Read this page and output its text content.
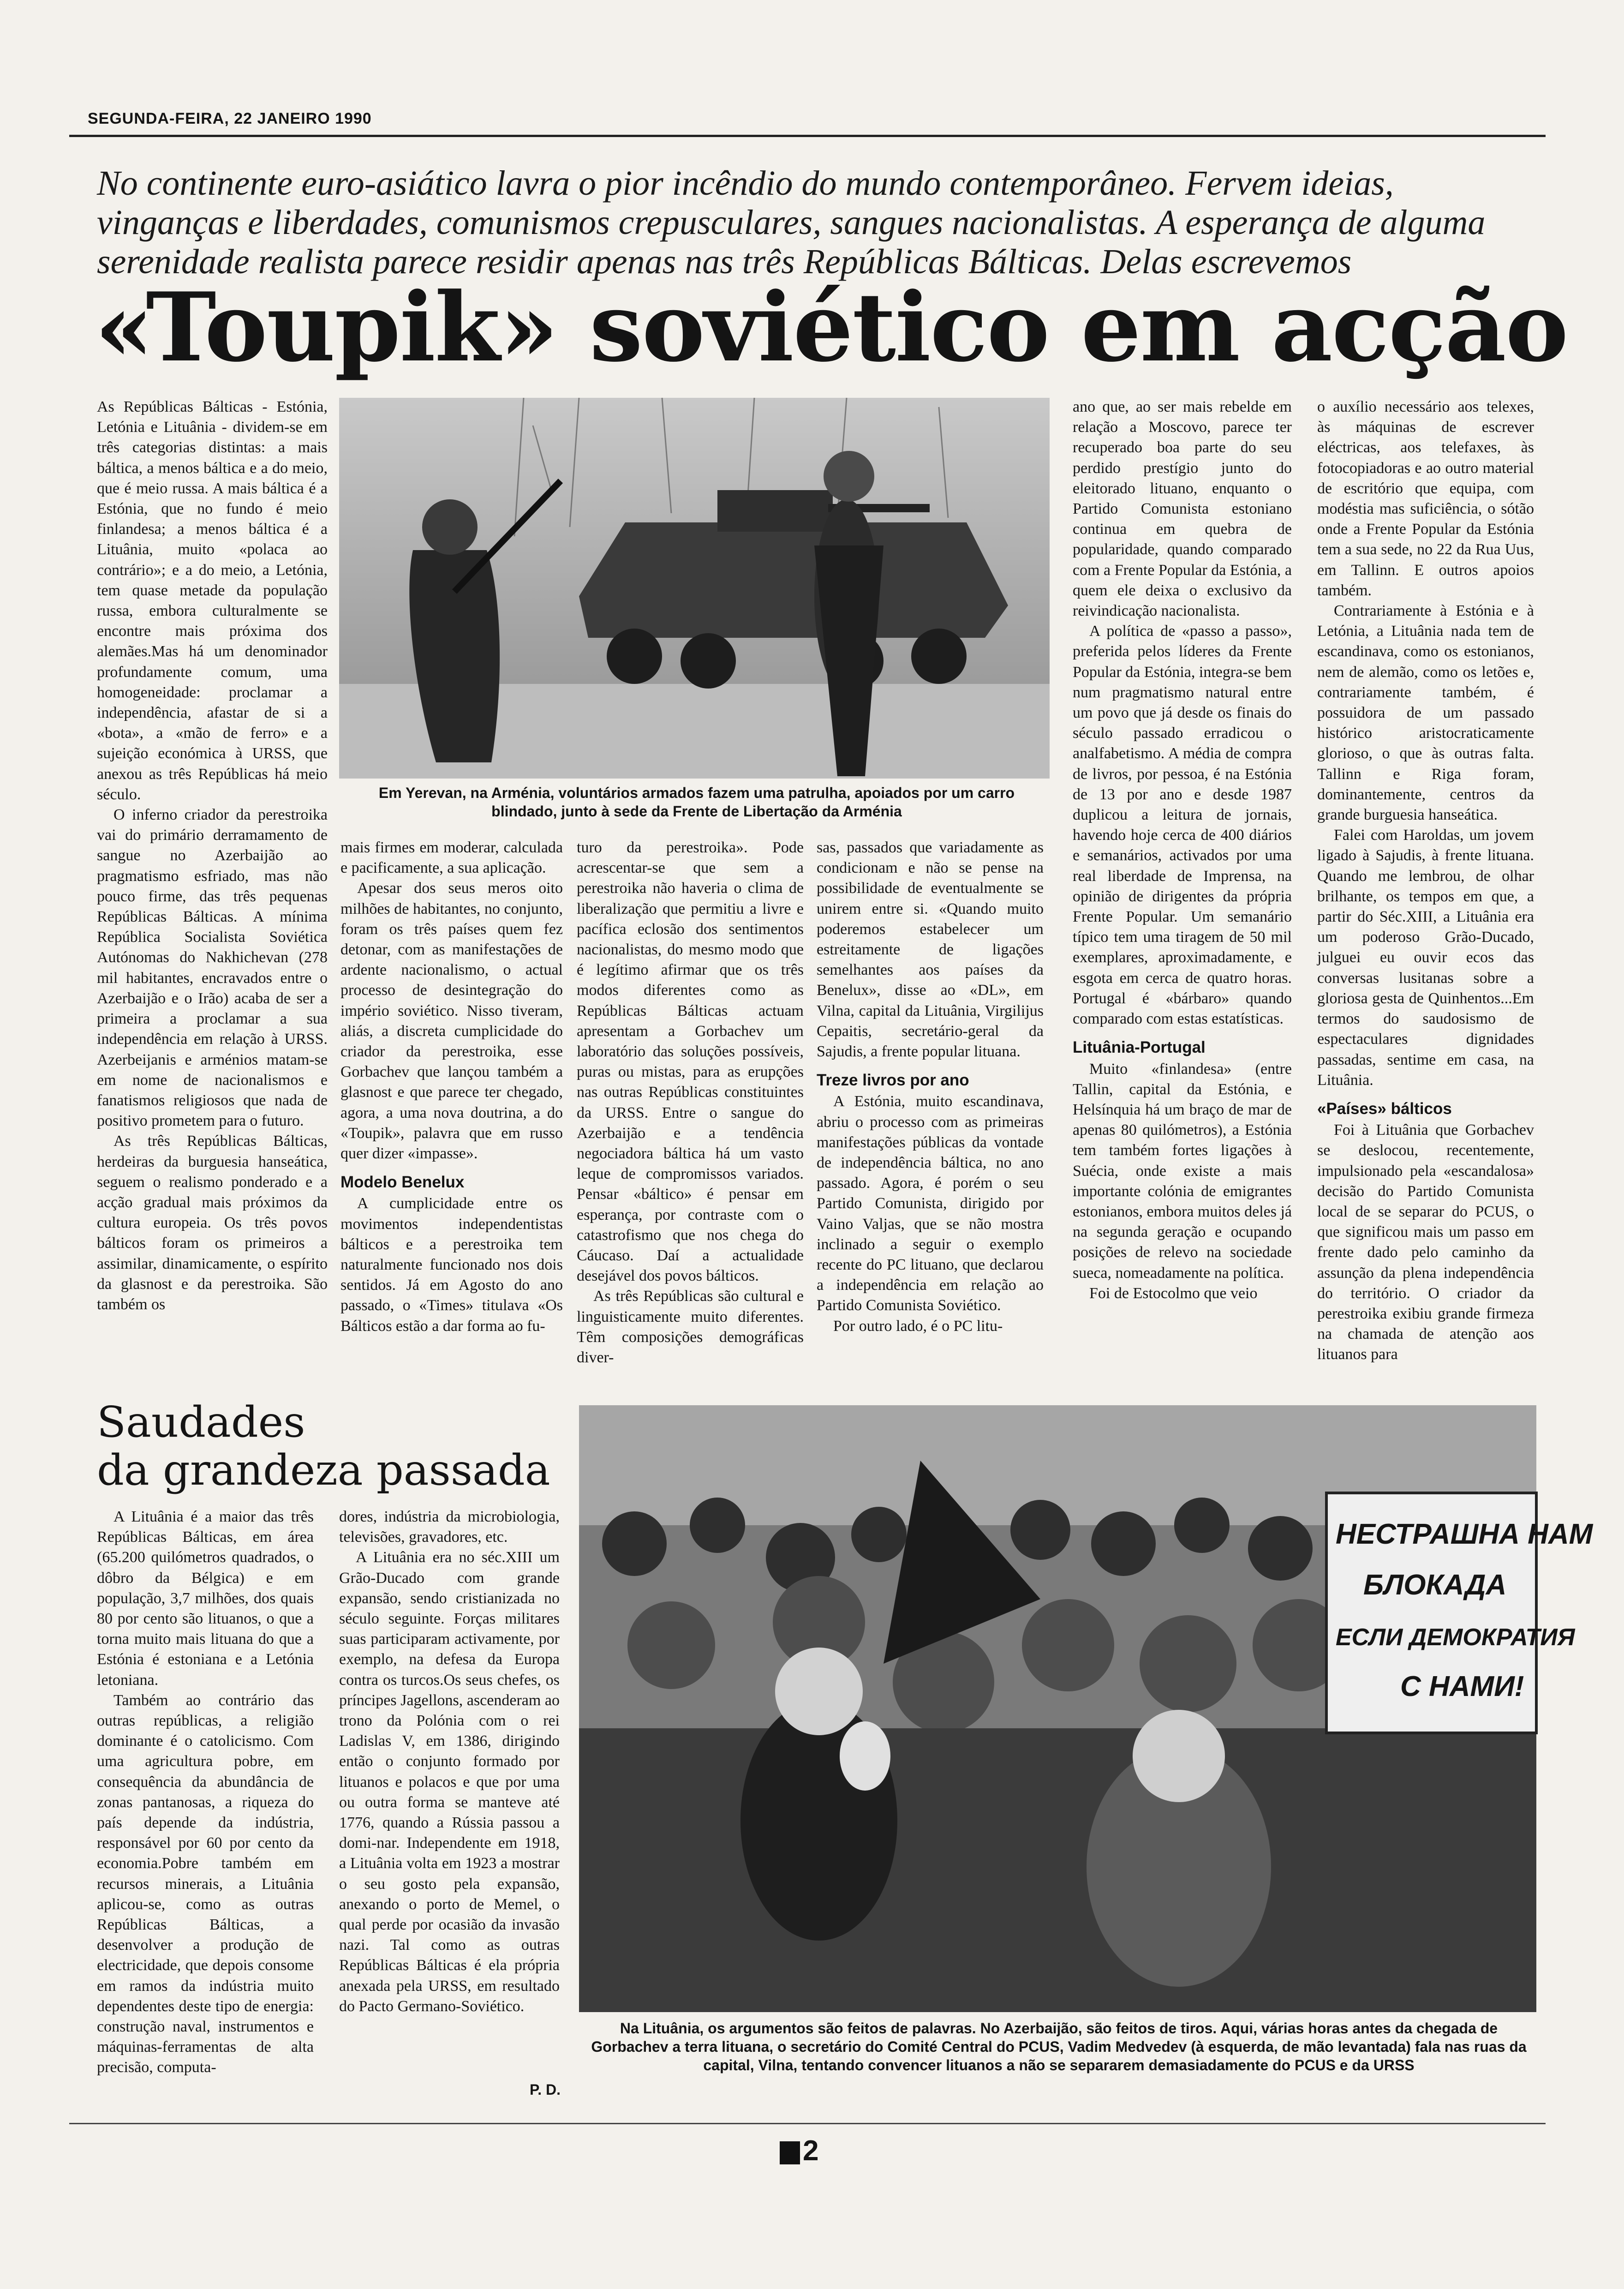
SEGUNDA-FEIRA, 22 JANEIRO 1990
No continente euro-asiático lavra o pior incêndio do mundo contemporâneo. Fervem ideias, vinganças e liberdades, comunismos crepusculares, sangues nacionalistas. A esperança de alguma serenidade realista parece residir apenas nas três Repúblicas Bálticas. Delas escrevemos
«Toupik» soviético em acção
Em Yerevan, na Arménia, voluntários armados fazem uma patrulha, apoiados por um carro blindado, junto à sede da Frente de Libertação da Arménia

As Repúblicas Bálticas - Estónia, Letónia e Lituânia - dividem-se em três categorias distintas: a mais báltica, a menos báltica e a do meio, que é meio russa. A mais báltica é a Estónia, que no fundo é meio finlandesa; a menos báltica é a Lituânia, muito «polaca ao contrário»; e a do meio, a Letónia, tem quase metade da população russa, embora culturalmente se encontre mais próxima dos alemães.Mas há um denominador profundamente comum, uma homogeneidade: proclamar a independência, afastar de si a «bota», a «mão de ferro» e a sujeição económica à URSS, que anexou as três Repúblicas há meio século.

O inferno criador da perestroika vai do primário derramamento de sangue no Azerbaijão ao pragmatismo esfriado, mas não pouco firme, das três pequenas Repúblicas Bálticas. A mínima República Socialista Soviética Autónomas do Nakhichevan (278 mil habitantes, encravados entre o Azerbaijão e o Irão) acaba de ser a primeira a proclamar a sua independência em relação à URSS. Azerbeijanis e arménios matam-se em nome de nacionalismos e fanatismos religiosos que nada de positivo prometem para o futuro.

As três Repúblicas Bálticas, herdeiras da burguesia hanseática, seguem o realismo ponderado e a acção gradual mais próximos da cultura europeia. Os três povos bálticos foram os primeiros a assimilar, dinamicamente, o espírito da glasnost e da perestroika. São também os

mais firmes em moderar, calculada e pacificamente, a sua aplicação.

Apesar dos seus meros oito milhões de habitantes, no conjunto, foram os três países quem fez detonar, com as manifestações de ardente nacionalismo, o actual processo de desintegração do império soviético. Nisso tiveram, aliás, a discreta cumplicidade do criador da perestroika, esse Gorbachev que lançou também a glasnost e que parece ter chegado, agora, a uma nova doutrina, a do «Toupik», palavra que em russo quer dizer «impasse».

Modelo Benelux

A cumplicidade entre os movimentos independentistas bálticos e a perestroika tem naturalmente funcionado nos dois sentidos. Já em Agosto do ano passado, o «Times» titulava «Os Bálticos estão a dar forma ao fu-

turo da perestroika». Pode acrescentar-se que sem a perestroika não haveria o clima de liberalização que permitiu a livre e pacífica eclosão dos sentimentos nacionalistas, do mesmo modo que é legítimo afirmar que os três modos diferentes como as Repúblicas Bálticas actuam apresentam a Gorbachev um laboratório das soluções possíveis, puras ou mistas, para as erupções nas outras Repúblicas constituintes da URSS. Entre o sangue do Azerbaijão e a tendência negociadora báltica há um vasto leque de compromissos variados. Pensar «báltico» é pensar em esperança, por contraste com o catastrofismo que nos chega do Cáucaso. Daí a actualidade desejável dos povos bálticos.

As três Repúblicas são cultural e linguisticamente muito diferentes. Têm composições demográficas diver-

sas, passados que variadamente as condicionam e não se pense na possibilidade de eventualmente se unirem entre si. «Quando muito poderemos estabelecer um estreitamente de ligações semelhantes aos países da Benelux», disse ao «DL», em Vilna, capital da Lituânia, Virgilijus Cepaitis, secretário-geral da Sajudis, a frente popular lituana.

Treze livros por ano

A Estónia, muito escandinava, abriu o processo com as primeiras manifestações públicas da vontade de independência báltica, no ano passado. Agora, é porém o seu Partido Comunista, dirigido por Vaino Valjas, que se não mostra inclinado a seguir o exemplo recente do PC lituano, que declarou a independência em relação ao Partido Comunista Soviético.

Por outro lado, é o PC litu-

ano que, ao ser mais rebelde em relação a Moscovo, parece ter recuperado boa parte do seu perdido prestígio junto do eleitorado lituano, enquanto o Partido Comunista estoniano continua em quebra de popularidade, quando comparado com a Frente Popular da Estónia, a quem ele deixa o exclusivo da reivindicação nacionalista.

A política de «passo a passo», preferida pelos líderes da Frente Popular da Estónia, integra-se bem num pragmatismo natural entre um povo que já desde os finais do século passado erradicou o analfabetismo. A média de compra de livros, por pessoa, é na Estónia de 13 por ano e desde 1987 duplicou a leitura de jornais, havendo hoje cerca de 400 diários e semanários, activados por uma real liberdade de Imprensa, na opinião de dirigentes da própria Frente Popular. Um semanário típico tem uma tiragem de 50 mil exemplares, aproximadamente, e esgota em cerca de quatro horas. Portugal é «bárbaro» quando comparado com estas estatísticas.

Lituânia-Portugal

Muito «finlandesa» (entre Tallin, capital da Estónia, e Helsínquia há um braço de mar de apenas 80 quilómetros), a Estónia tem também fortes ligações à Suécia, onde existe a mais importante colónia de emigrantes estonianos, embora muitos deles já na segunda geração e ocupando posições de relevo na sociedade sueca, nomeadamente na política.

Foi de Estocolmo que veio

o auxílio necessário aos telexes, às máquinas de escrever eléctricas, aos telefaxes, às fotocopiadoras e ao outro material de escritório que equipa, com modéstia mas suficiência, o sótão onde a Frente Popular da Estónia tem a sua sede, no 22 da Rua Uus, em Tallinn. E outros apoios também.

Contrariamente à Estónia e à Letónia, a Lituânia nada tem de escandinava, como os estonianos, nem de alemão, como os letões e, contrariamente também, é possuidora de um passado histórico aristocraticamente glorioso, o que às outras falta. Tallinn e Riga foram, dominantemente, centros da grande burguesia hanseática.

Falei com Haroldas, um jovem ligado à Sajudis, à frente lituana. Quando me lembrou, de olhar brilhante, os tempos em que, a partir do Séc.XIII, a Lituânia era um poderoso Grão-Ducado, julguei eu ouvir ecos das conversas lusitanas sobre a gloriosa gesta de Quinhentos...Em termos do saudosismo de espectaculares dignidades passadas, sentime em casa, na Lituânia.

«Países» bálticos

Foi à Lituânia que Gorbachev se deslocou, recentemente, impulsionado pela «escandalosa» decisão do Partido Comunista local de se separar do PCUS, o que significou mais um passo em frente dado pelo caminho da assunção da plena independência do território. O criador da perestroika exibiu grande firmeza na chamada de atenção aos lituanos para

Saudades
da grandeza passada

A Lituânia é a maior das três Repúblicas Bálticas, em área (65.200 quilómetros quadrados, o dôbro da Bélgica) e em população, 3,7 milhões, dos quais 80 por cento são lituanos, o que a torna muito mais lituana do que a Estónia é estoniana e a Letónia letoniana.

Também ao contrário das outras repúblicas, a religião dominante é o catolicismo. Com uma agricultura pobre, em consequência da abundância de zonas pantanosas, a riqueza do país depende da indústria, responsável por 60 por cento da economia.Pobre também em recursos minerais, a Lituânia aplicou-se, como as outras Repúblicas Bálticas, a desenvolver a produção de electricidade, que depois consome em ramos da indústria muito dependentes deste tipo de energia: construção naval, instrumentos e máquinas-ferramentas de alta precisão, computa-

dores, indústria da microbiologia, televisões, gravadores, etc.

A Lituânia era no séc.XIII um Grão-Ducado com grande expansão, sendo cristianizada no século seguinte. Forças militares suas participaram activamente, por exemplo, na defesa da Europa contra os turcos.Os seus chefes, os príncipes Jagellons, ascenderam ao trono da Polónia com o rei Ladislas V, em 1386, dirigindo então o conjunto formado por lituanos e polacos e que por uma ou outra forma se manteve até 1776, quando a Rússia passou a domi-nar. Independente em 1918, a Lituânia volta em 1923 a mostrar o seu gosto pela expansão, anexando o porto de Memel, o qual perde por ocasião da invasão nazi. Tal como as outras Repúblicas Bálticas é ela própria anexada pela URSS, em resultado do Pacto Germano-Soviético.

P. D.
НЕСТРАШНА НАМ
БЛОКАДА
ЕСЛИ ДЕМОКРАТИЯ
С НАМИ!
Na Lituânia, os argumentos são feitos de palavras. No Azerbaijão, são feitos de tiros. Aqui, várias horas antes da chegada de Gorbachev a terra lituana, o secretário do Comité Central do PCUS, Vadim Medvedev (à esquerda, de mão levantada) fala nas ruas da capital, Vilna, tentando convencer lituanos a não se separarem demasiadamente do PCUS e da URSS
2
